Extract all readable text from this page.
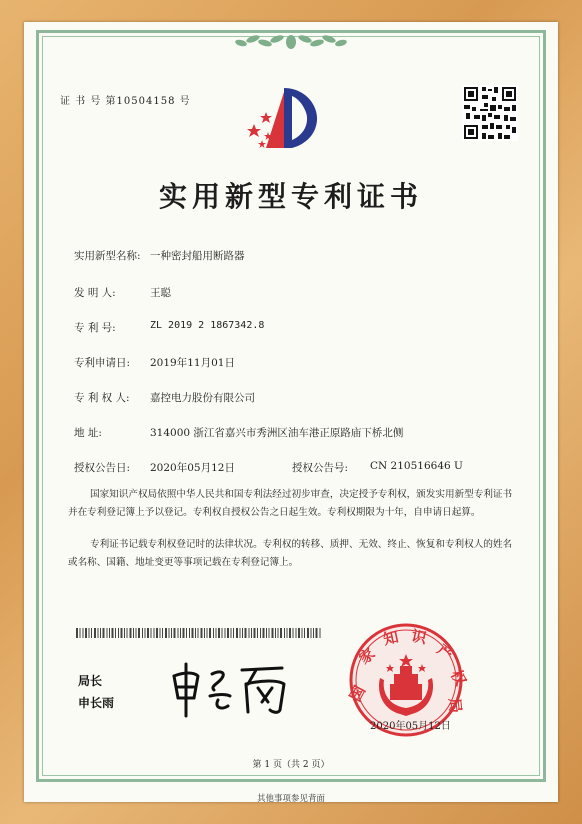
证 书 号 第10504158 号
实用新型专利证书
实用新型名称: 一种密封船用断路器
发 明 人:	王聪
专 利 号:	ZL 2019 2 1867342.8
专利申请日: 2019年11月01日
专 利 权 人: 嘉控电力股份有限公司
地 址:	314000 浙江省嘉兴市秀洲区油车港正原路庙下桥北侧
授权公告日: 2020年05月12日	授权公告号: CN 210516646 U
国家知识产权局依照中华人民共和国专利法经过初步审查，决定授予专利权，颁发实用新型专利证书并在专利登记簿上予以登记。专利权自授权公告之日起生效。专利权期限为十年，自申请日起算。
专利证书记载专利权登记时的法律状况。专利权的转移、质押、无效、终止、恢复和专利权人的姓名或名称、国籍、地址变更等事项记载在专利登记簿上。
局长
申长雨	国
家
知 识
产
权
局
2020年05月12日
第 1 页（共 2 页）
其他事项参见背面
